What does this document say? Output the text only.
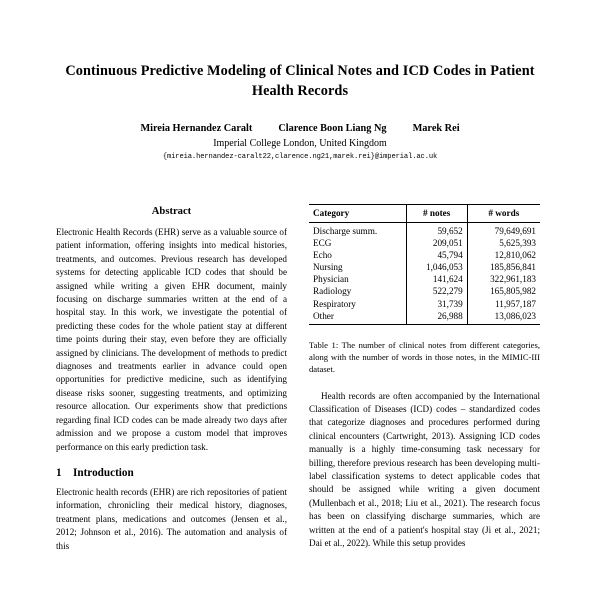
Continuous Predictive Modeling of Clinical Notes and ICD Codes in Patient Health Records
Mireia Hernandez Caralt	Clarence Boon Liang Ng	Marek Rei
Imperial College London, United Kingdom
{mireia.hernandez-caralt22,clarence.ng21,marek.rei}@imperial.ac.uk
Abstract

Electronic Health Records (EHR) serve as a valuable source of patient information, offering insights into medical histories, treatments, and outcomes. Previous research has developed systems for detecting applicable ICD codes that should be assigned while writing a given EHR document, mainly focusing on discharge summaries written at the end of a hospital stay. In this work, we investigate the potential of predicting these codes for the whole patient stay at different time points during their stay, even before they are officially assigned by clinicians. The development of methods to predict diagnoses and treatments earlier in advance could open opportunities for predictive medicine, such as identifying disease risks sooner, suggesting treatments, and optimizing resource allocation. Our experiments show that predictions regarding final ICD codes can be made already two days after admission and we propose a custom model that improves performance on this early prediction task.

1 Introduction

Electronic health records (EHR) are rich repositories of patient information, chronicling their medical history, diagnoses, treatment plans, medications and outcomes (Jensen et al., 2012; Johnson et al., 2016). The automation and analysis of this

Category	# notes	# words
Discharge summ.	59,652	79,649,691
ECG	209,051	5,625,393
Echo	45,794	12,810,062
Nursing	1,046,053	185,856,841
Physician	141,624	322,961,183
Radiology	522,279	165,805,982
Respiratory	31,739	11,957,187
Other	26,988	13,086,023

Table 1: The number of clinical notes from different categories, along with the number of words in those notes, in the MIMIC-III dataset.

Health records are often accompanied by the International Classification of Diseases (ICD) codes – standardized codes that categorize diagnoses and procedures performed during clinical encounters (Cartwright, 2013). Assigning ICD codes manually is a highly time-consuming task necessary for billing, therefore previous research has been developing multi-label classification systems to detect applicable codes that should be assigned while writing a given document (Mullenbach et al., 2018; Liu et al., 2021). The research focus has been on classifying discharge summaries, which are written at the end of a patient's hospital stay (Ji et al., 2021; Dai et al., 2022). While this setup provides
